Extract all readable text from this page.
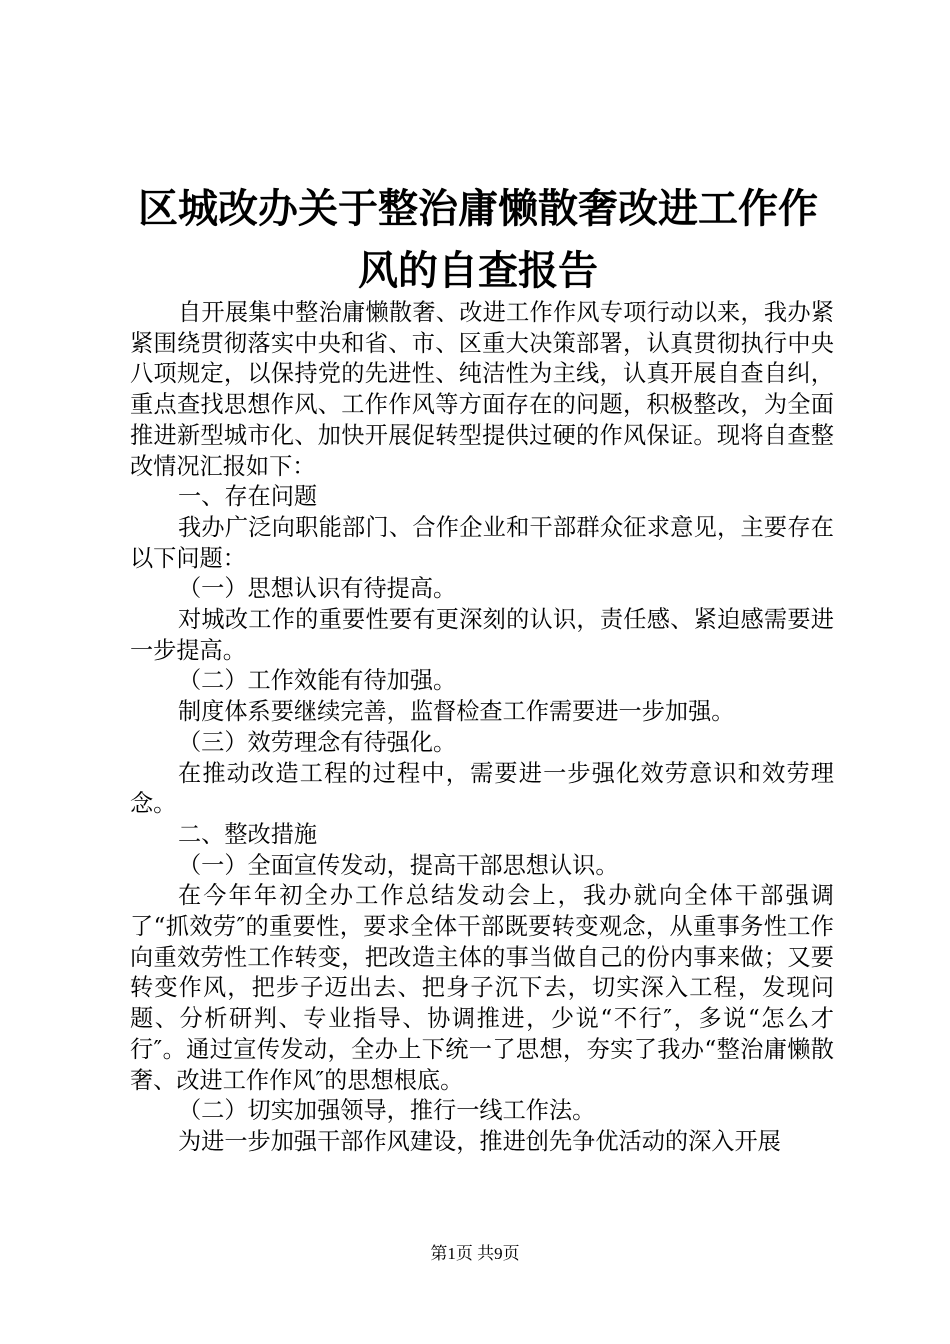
区城改办关于整治庸懒散奢改进工作作风的自查报告

自开展集中整治庸懒散奢、改进工作作风专项行动以来，我办紧紧围绕贯彻落实中央和省、市、区重大决策部署，认真贯彻执行中央八项规定，以保持党的先进性、纯洁性为主线，认真开展自查自纠，重点查找思想作风、工作作风等方面存在的问题，积极整改，为全面推进新型城市化、加快开展促转型提供过硬的作风保证。现将自查整改情况汇报如下：

一、存在问题

我办广泛向职能部门、合作企业和干部群众征求意见，主要存在以下问题：

（一）思想认识有待提高。

对城改工作的重要性要有更深刻的认识，责任感、紧迫感需要进一步提高。

（二）工作效能有待加强。

制度体系要继续完善，监督检查工作需要进一步加强。

（三）效劳理念有待强化。

在推动改造工程的过程中，需要进一步强化效劳意识和效劳理念。

二、整改措施

（一）全面宣传发动，提高干部思想认识。

在今年年初全办工作总结发动会上，我办就向全体干部强调了“抓效劳″的重要性，要求全体干部既要转变观念，从重事务性工作向重效劳性工作转变，把改造主体的事当做自己的份内事来做；又要转变作风，把步子迈出去、把身子沉下去，切实深入工程，发现问题、分析研判、专业指导、协调推进，少说“不行″，多说“怎么才行″。通过宣传发动，全办上下统一了思想，夯实了我办“整治庸懒散奢、改进工作作风″的思想根底。

（二）切实加强领导，推行一线工作法。

为进一步加强干部作风建设，推进创先争优活动的深入开展

第1页 共9页
